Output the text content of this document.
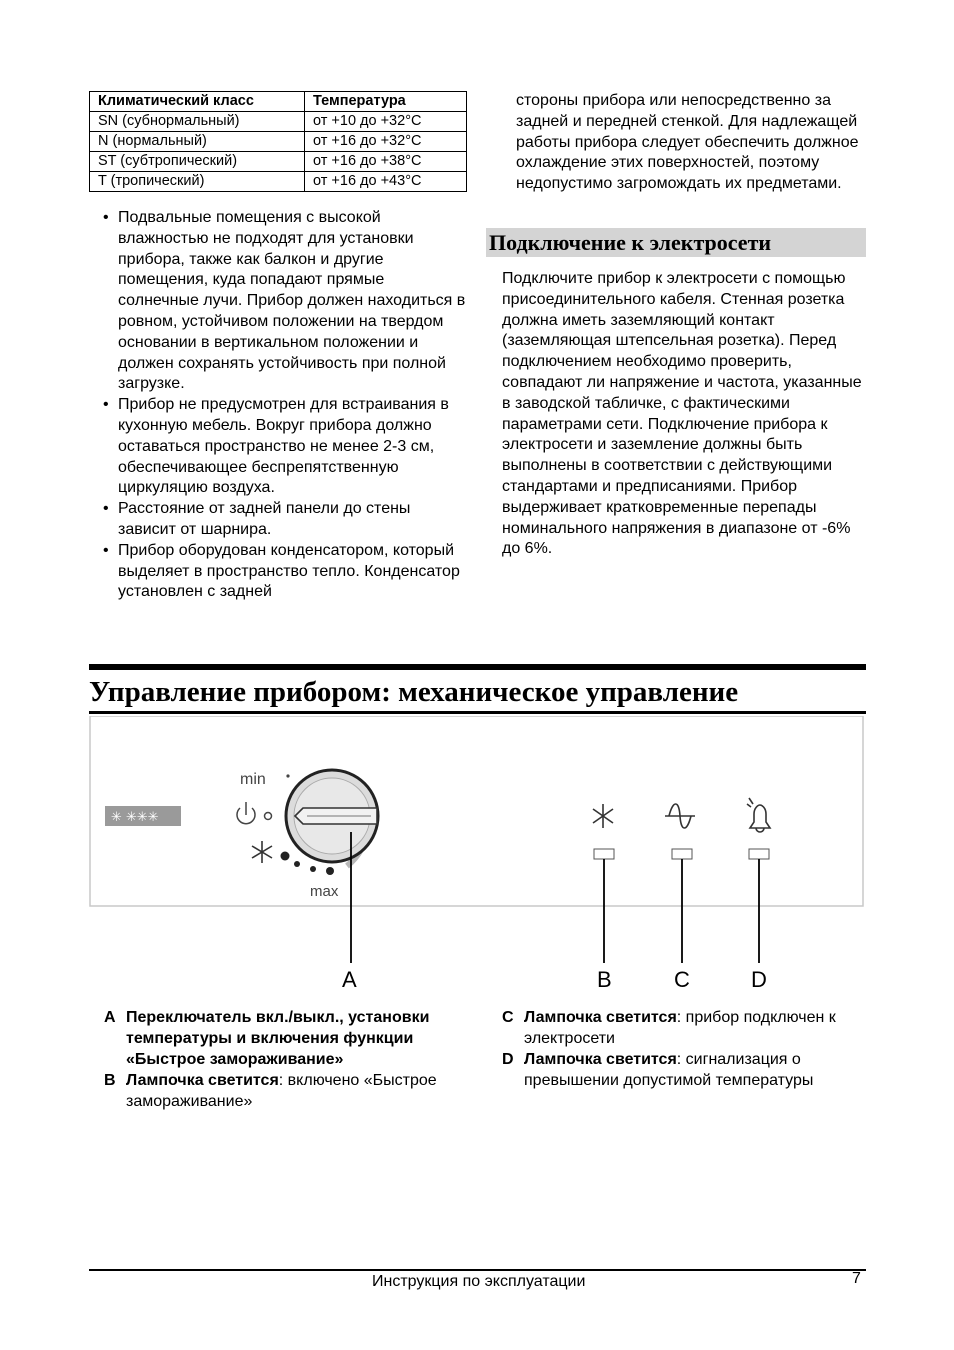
Климатический класс	Температура
SN (субнормальный)	от +10 до +32°C
N (нормальный)	от +16 до +32°C
ST (субтропический)	от +16 до +38°C
T (тропический)	от +16 до +43°C
• Подвальные помещения с высокой влажностью не подходят для установки прибора, также как балкон и другие помещения, куда попадают прямые солнечные лучи. Прибор должен находиться в ровном, устойчивом положении на твердом основании в вертикальном положении и должен сохранять устойчивость при полной загрузке.
• Прибор не предусмотрен для встраивания в кухонную мебель. Вокруг прибора должно оставаться пространство не менее 2-3 см, обеспечивающее беспрепятственную циркуляцию воздуха.
• Расстояние от задней панели до стены зависит от шарнира.
• Прибор оборудован конденсатором, который выделяет в пространство тепло. Конденсатор установлен с задней
стороны прибора или непосредственно за задней и передней стенкой. Для надлежащей работы прибора следует обеспечить должное охлаждение этих поверхностей, поэтому недопустимо загромождать их предметами.
Подключение к электросети
Подключите прибор к электросети с помощью присоединительного кабеля. Стенная розетка должна иметь заземляющий контакт (заземляющая штепсельная розетка). Перед подключением необходимо проверить, совпадают ли напряжение и частота, указанные в заводской табличке, с фактическими параметрами сети. Подключение прибора к электросети и заземление должны быть выполнены в соответствии с действующими стандартами и предписаниями. Прибор выдерживает кратковременные перепады номинального напряжения в диапазоне от -6% до 6%.
Управление прибором: механическое управление
✳ ✳✳✳
min
max
A	B	C	D
A Переключатель вкл./выкл., установки температуры и включения функции «Быстрое замораживание»
B Лампочка светится: включено «Быстрое замораживание»
C Лампочка светится: прибор подключен к электросети
D Лампочка светится: сигнализация о превышении допустимой температуры
Инструкция по эксплуатации	7
